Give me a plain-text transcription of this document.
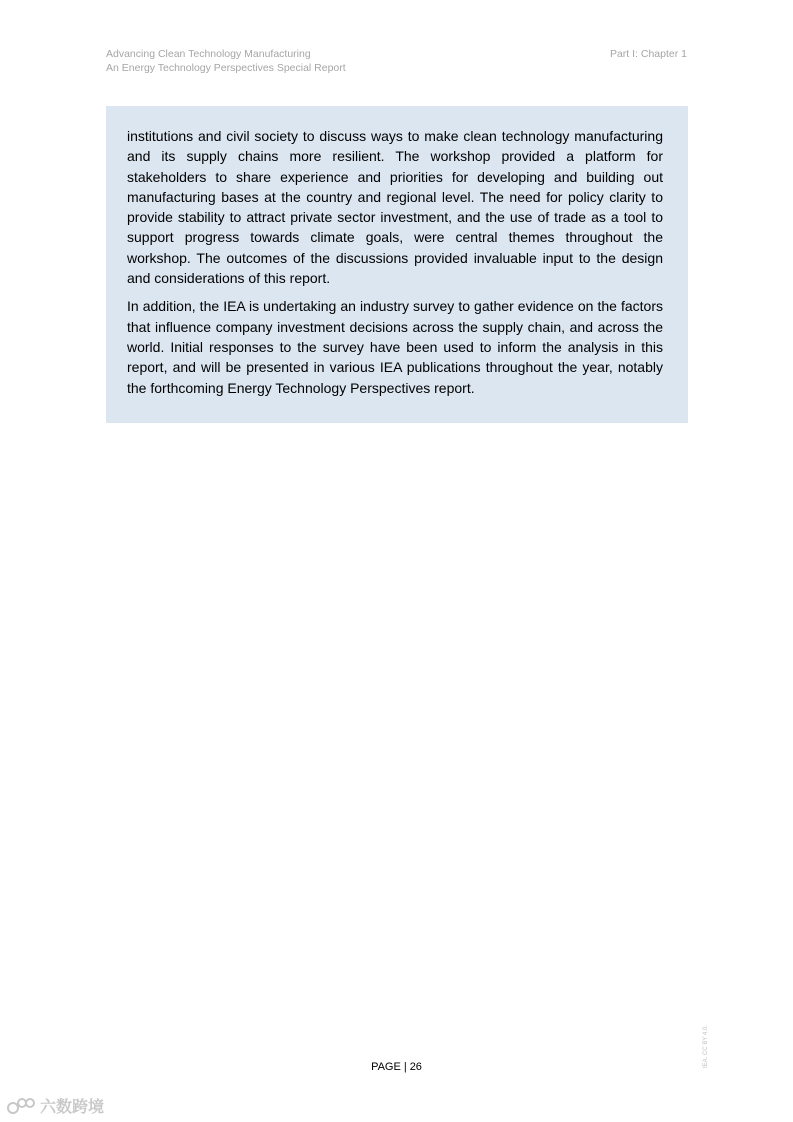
Advancing Clean Technology Manufacturing
An Energy Technology Perspectives Special Report
Part I: Chapter 1

institutions and civil society to discuss ways to make clean technology manufacturing and its supply chains more resilient. The workshop provided a platform for stakeholders to share experience and priorities for developing and building out manufacturing bases at the country and regional level. The need for policy clarity to provide stability to attract private sector investment, and the use of trade as a tool to support progress towards climate goals, were central themes throughout the workshop. The outcomes of the discussions provided invaluable input to the design and considerations of this report.

In addition, the IEA is undertaking an industry survey to gather evidence on the factors that influence company investment decisions across the supply chain, and across the world. Initial responses to the survey have been used to inform the analysis in this report, and will be presented in various IEA publications throughout the year, notably the forthcoming Energy Technology Perspectives report.

PAGE | 26	IEA. CC BY 4.0.
六数跨境
